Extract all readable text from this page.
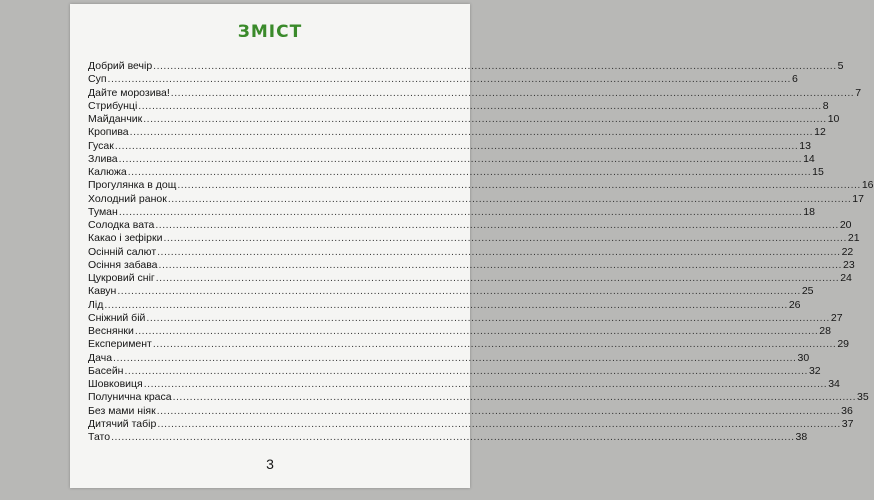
ЗМІСТ
Добрий вечір ........................................................................................................................................................................................................ 5
Суп ........................................................................................................................................................................................................ 6
Дайте морозива! ........................................................................................................................................................................................................ 7
Стрибунці ........................................................................................................................................................................................................ 8
Майданчик ........................................................................................................................................................................................................ 10
Кропива ........................................................................................................................................................................................................ 12
Гусак ........................................................................................................................................................................................................ 13
Злива ........................................................................................................................................................................................................ 14
Калюжа ........................................................................................................................................................................................................ 15
Прогулянка в дощ ........................................................................................................................................................................................................ 16
Холодний ранок ........................................................................................................................................................................................................ 17
Туман ........................................................................................................................................................................................................ 18
Солодка вата ........................................................................................................................................................................................................ 20
Какао і зефірки ........................................................................................................................................................................................................ 21
Осінній салют ........................................................................................................................................................................................................ 22
Осіння забава ........................................................................................................................................................................................................ 23
Цукровий сніг ........................................................................................................................................................................................................ 24
Кавун ........................................................................................................................................................................................................ 25
Лід ........................................................................................................................................................................................................ 26
Сніжний бій ........................................................................................................................................................................................................ 27
Веснянки ........................................................................................................................................................................................................ 28
Експеримент ........................................................................................................................................................................................................ 29
Дача ........................................................................................................................................................................................................ 30
Басейн ........................................................................................................................................................................................................ 32
Шовковиця ........................................................................................................................................................................................................ 34
Полунична краса ........................................................................................................................................................................................................ 35
Без мами ніяк ........................................................................................................................................................................................................ 36
Дитячий табір ........................................................................................................................................................................................................ 37
Тато ........................................................................................................................................................................................................ 38
3
